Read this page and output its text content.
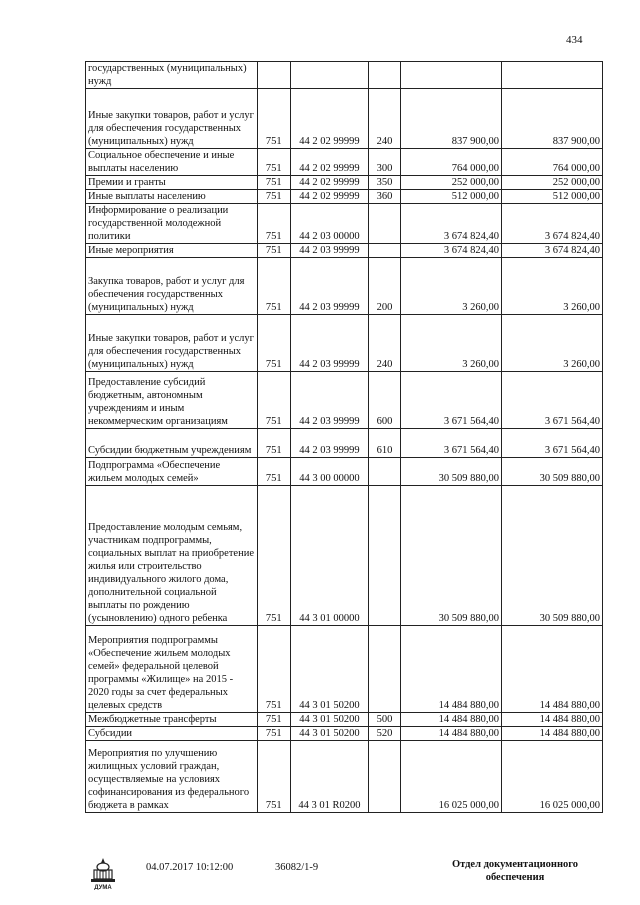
434
государственных (муниципальных) нужд					
Иные закупки товаров, работ и услуг для обеспечения государственных (муниципальных) нужд	751	44 2 02 99999	240	837 900,00	837 900,00
Социальное обеспечение и иные выплаты населению	751	44 2 02 99999	300	764 000,00	764 000,00
Премии и гранты	751	44 2 02 99999	350	252 000,00	252 000,00
Иные выплаты населению	751	44 2 02 99999	360	512 000,00	512 000,00
Информирование о реализации государственной молодежной политики	751	44 2 03 00000		3 674 824,40	3 674 824,40
Иные мероприятия	751	44 2 03 99999		3 674 824,40	3 674 824,40
Закупка товаров, работ и услуг для обеспечения государственных (муниципальных) нужд	751	44 2 03 99999	200	3 260,00	3 260,00
Иные закупки товаров, работ и услуг для обеспечения государственных (муниципальных) нужд	751	44 2 03 99999	240	3 260,00	3 260,00
Предоставление субсидий бюджетным, автономным учреждениям и иным некоммерческим организациям	751	44 2 03 99999	600	3 671 564,40	3 671 564,40
Субсидии бюджетным учреждениям	751	44 2 03 99999	610	3 671 564,40	3 671 564,40
Подпрограмма «Обеспечение жильем молодых семей»	751	44 3 00 00000		30 509 880,00	30 509 880,00
Предоставление молодым семьям, участникам подпрограммы, социальных выплат на приобретение жилья или строительство индивидуального жилого дома, дополнительной социальной выплаты по рождению (усыновлению) одного ребенка	751	44 3 01 00000		30 509 880,00	30 509 880,00
Мероприятия подпрограммы «Обеспечение жильем молодых семей» федеральной целевой программы «Жилище» на 2015 - 2020 годы за счет федеральных целевых средств	751	44 3 01 50200		14 484 880,00	14 484 880,00
Межбюджетные трансферты	751	44 3 01 50200	500	14 484 880,00	14 484 880,00
Субсидии	751	44 3 01 50200	520	14 484 880,00	14 484 880,00
Мероприятия по улучшению жилищных условий граждан, осуществляемые на условиях софинансирования из федерального бюджета в рамках	751	44 3 01 R0200		16 025 000,00	16 025 000,00
ДУМА
04.07.2017 10:12:00	36082/1-9	Отдел документационного обеспечения
